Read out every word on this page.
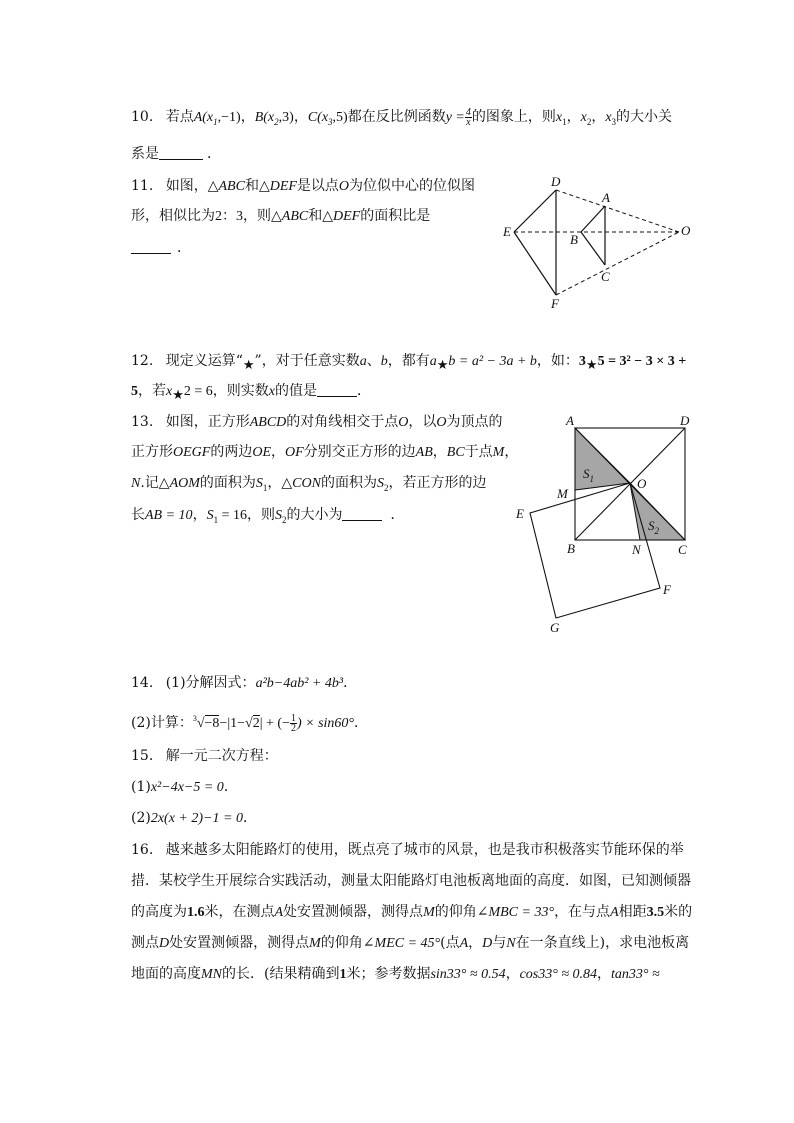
10. 若点$A(x_1,-1)$，$B(x_2,3)$，$C(x_3,5)$都在反比例函数$y = \frac{4}{x}$ 的图象上，则$x_1$，$x_2$，$x_3$的大小关
系是	．
11. 如图，△ABC和△DEF是以点O为位似中心的位似图
形，相似比为2：3，则△ABC和△DEF的面积比是
．
D
A
E
B
O
C
F
12. 现定义运算“$_★$”，对于任意实数a、b，都有$a_★b = a^2 - 3a + b$，如：$3_★5 = 3^2 - 3 \times 3$ +
5，若$x_★2 = 6$，则实数x的值是	．
13. 如图，正方形ABCD的对角线相交于点O，以O为顶点的
正方形OEGF的两边OE，OF分别交正方形的边AB，BC于点M，
N.记△AOM的面积为$S_1$，△CON的面积为$S_2$，若正方形的边
长AB = 10，$S_1 = 16$，则$S_2$的大小为	．
A	D
$S_1$
M
O
E
$S_2$
B	N	C
F
G
14. (1)分解因式：a²b−4ab² + 4b³．
(2)计算：$^3$√−8−|1−√2| + (− $\frac{1}{2}$ ) × sin60°．
15. 解一元二次方程：
(1)x²−4x−5 = 0．
(2)2x(x + 2)−1 = 0．
16. 越来越多太阳能路灯的使用，既点亮了城市的风景，也是我市积极落实节能环保的举
措．某校学生开展综合实践活动，测量太阳能路灯电池板离地面的高度．如图，已知测倾器
的高度为1.6米，在测点A处安置测倾器，测得点M的仰角∠MBC = 33°，在与点A相距3.5米的
测点D处安置测倾器，测得点M的仰角∠MEC = 45°(点A，D与N在一条直线上)，求电池板离
地面的高度MN的长．(结果精确到1米；参考数据sin33° ≈ 0.54，cos33° ≈ 0.84，tan33° ≈
